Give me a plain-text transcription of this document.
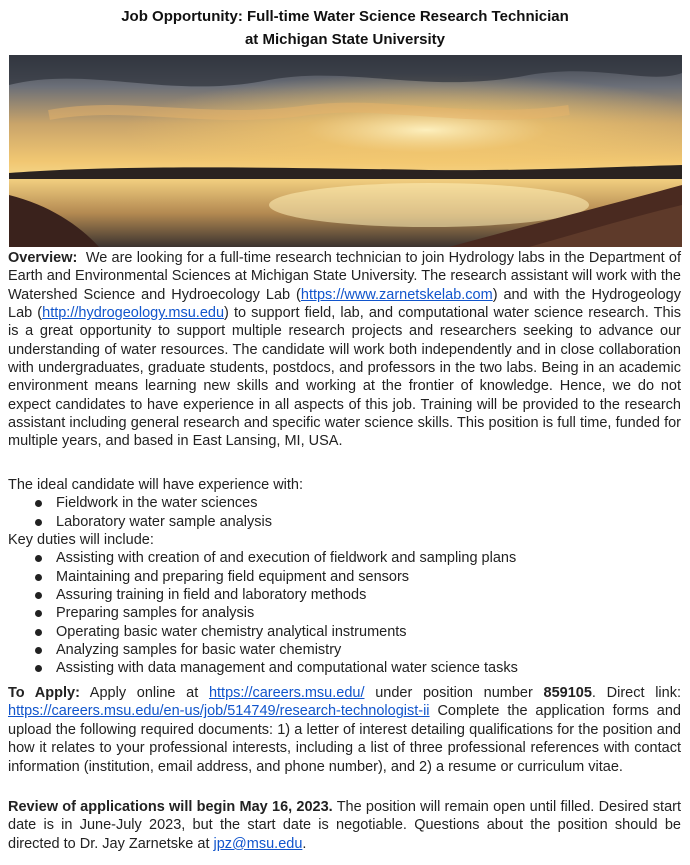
Job Opportunity: Full-time Water Science Research Technician
at Michigan State University

Overview: We are looking for a full-time research technician to join Hydrology labs in the Department of Earth and Environmental Sciences at Michigan State University. The research assistant will work with the Watershed Science and Hydroecology Lab (https://www.zarnetskelab.com) and with the Hydrogeology Lab (http://hydrogeology.msu.edu) to support field, lab, and computational water science research. This is a great opportunity to support multiple research projects and researchers seeking to advance our understanding of water resources. The candidate will work both independently and in close collaboration with undergraduates, graduate students, postdocs, and professors in the two labs. Being in an academic environment means learning new skills and working at the frontier of knowledge. Hence, we do not expect candidates to have experience in all aspects of this job. Training will be provided to the research assistant including general research and specific water science skills. This position is full time, funded for multiple years, and based in East Lansing, MI, USA.

The ideal candidate will have experience with:
Fieldwork in the water sciences
Laboratory water sample analysis
Key duties will include:
Assisting with creation of and execution of fieldwork and sampling plans
Maintaining and preparing field equipment and sensors
Assuring training in field and laboratory methods
Preparing samples for analysis
Operating basic water chemistry analytical instruments
Analyzing samples for basic water chemistry
Assisting with data management and computational water science tasks

To Apply: Apply online at https://careers.msu.edu/ under position number 859105. Direct link: https://careers.msu.edu/en-us/job/514749/research-technologist-ii Complete the application forms and upload the following required documents: 1) a letter of interest detailing qualifications for the position and how it relates to your professional interests, including a list of three professional references with contact information (institution, email address, and phone number), and 2) a resume or curriculum vitae.

Review of applications will begin May 16, 2023. The position will remain open until filled. Desired start date is in June-July 2023, but the start date is negotiable. Questions about the position should be directed to Dr. Jay Zarnetske at jpz@msu.edu.
